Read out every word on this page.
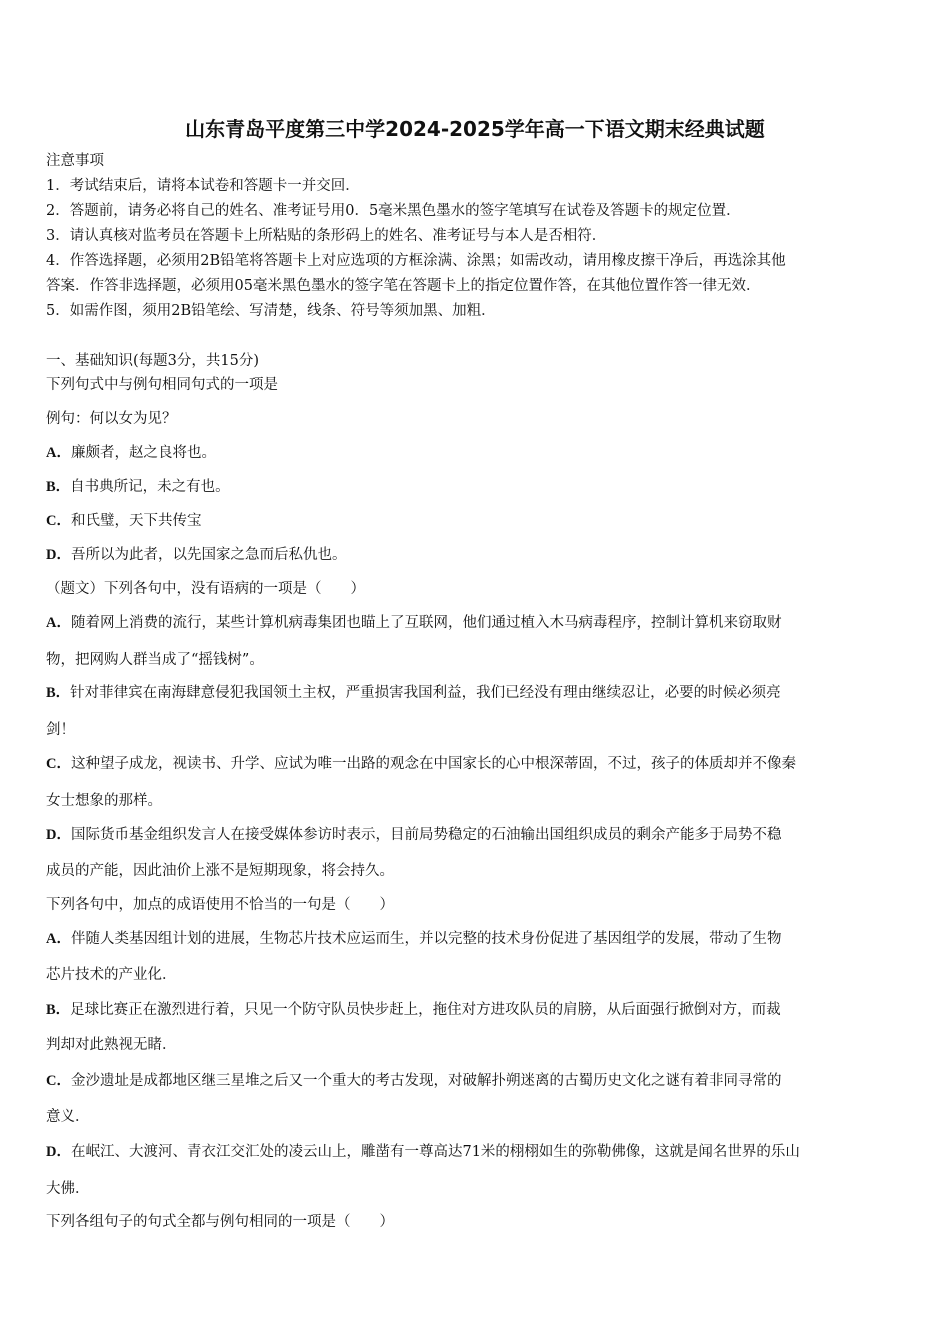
山东青岛平度第三中学2024-2025学年高一下语文期末经典试题
注意事项
1．考试结束后，请将本试卷和答题卡一并交回．
2．答题前，请务必将自己的姓名、准考证号用0．5毫米黑色墨水的签字笔填写在试卷及答题卡的规定位置．
3．请认真核对监考员在答题卡上所粘贴的条形码上的姓名、准考证号与本人是否相符．
4．作答选择题，必须用2B铅笔将答题卡上对应选项的方框涂满、涂黑；如需改动，请用橡皮擦干净后，再选涂其他
答案．作答非选择题，必须用05毫米黑色墨水的签字笔在答题卡上的指定位置作答，在其他位置作答一律无效．
5．如需作图，须用2B铅笔绘、写清楚，线条、符号等须加黑、加粗．
一、基础知识(每题3分，共15分)
下列句式中与例句相同句式的一项是
例句：何以女为见？
A．廉颇者，赵之良将也。
B．自书典所记，未之有也。
C．和氏璧，天下共传宝
D．吾所以为此者，以先国家之急而后私仇也。
（题文）下列各句中，没有语病的一项是（　　）
A．随着网上消费的流行，某些计算机病毒集团也瞄上了互联网，他们通过植入木马病毒程序，控制计算机来窃取财
物，把网购人群当成了“摇钱树”。
B．针对菲律宾在南海肆意侵犯我国领土主权，严重损害我国利益，我们已经没有理由继续忍让，必要的时候必须亮
剑！
C．这种望子成龙，视读书、升学、应试为唯一出路的观念在中国家长的心中根深蒂固，不过，孩子的体质却并不像秦
女士想象的那样。
D．国际货币基金组织发言人在接受媒体参访时表示，目前局势稳定的石油输出国组织成员的剩余产能多于局势不稳
成员的产能，因此油价上涨不是短期现象，将会持久。
下列各句中，加点的成语使用不恰当的一句是（　　）
A．伴随人类基因组计划的进展，生物芯片技术应运而生，并以完整的技术身份促进了基因组学的发展，带动了生物
芯片技术的产业化．
B．足球比赛正在激烈进行着，只见一个防守队员快步赶上，拖住对方进攻队员的肩膀，从后面强行掀倒对方，而裁
判却对此熟视无睹．
C．金沙遗址是成都地区继三星堆之后又一个重大的考古发现，对破解扑朔迷离的古蜀历史文化之谜有着非同寻常的
意义．
D．在岷江、大渡河、青衣江交汇处的凌云山上，雕凿有一尊高达71米的栩栩如生的弥勒佛像，这就是闻名世界的乐山
大佛．
下列各组句子的句式全都与例句相同的一项是（　　）
